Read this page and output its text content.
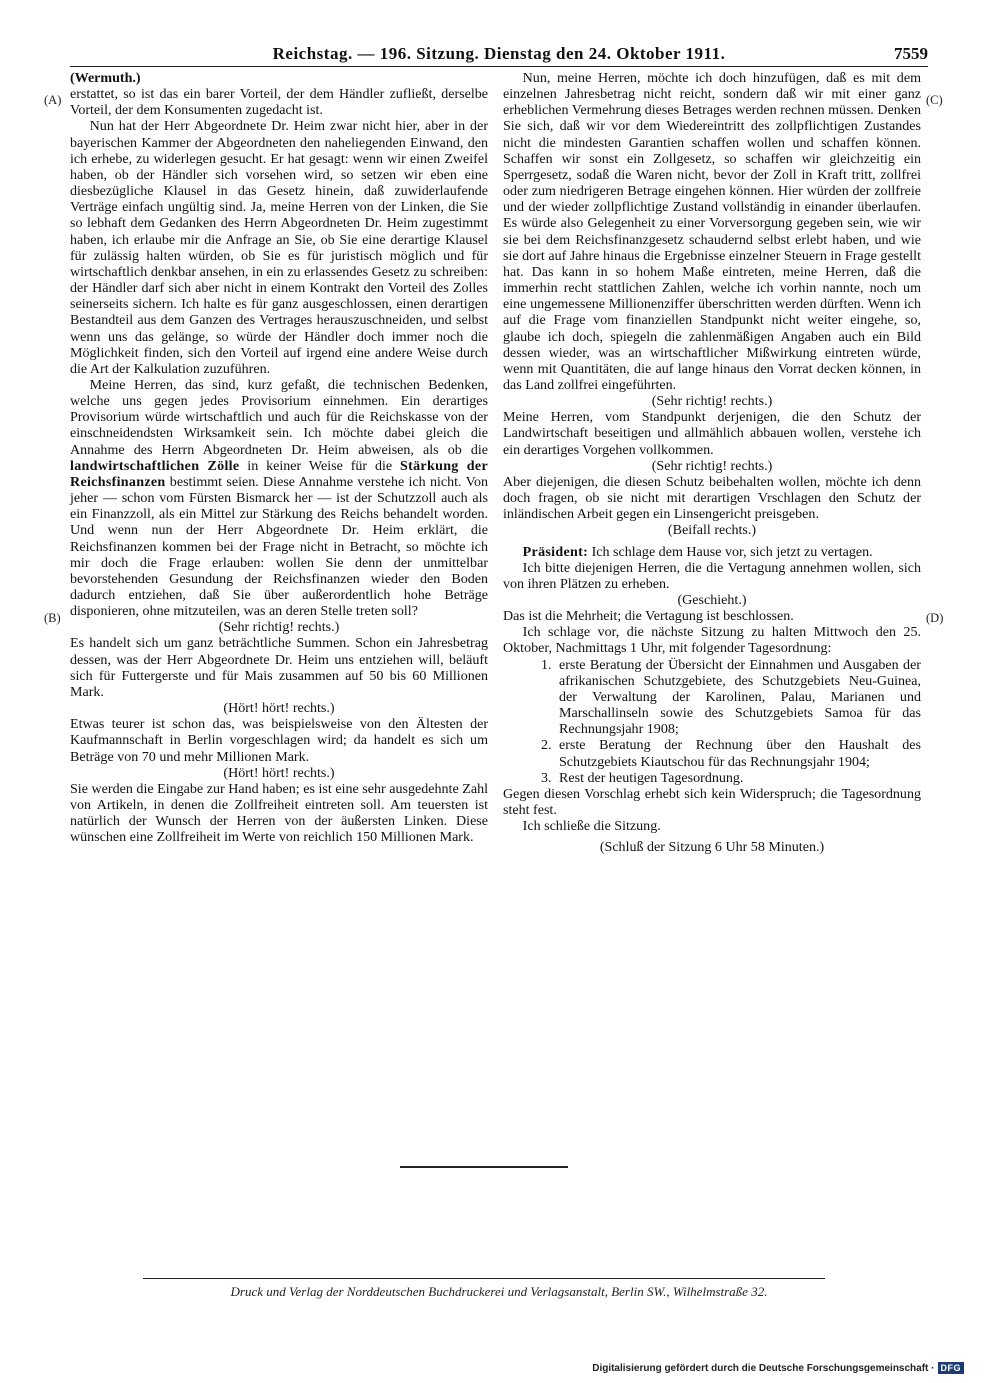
Reichstag. — 196. Sitzung. Dienstag den 24. Oktober 1911.	7559
(A)
(B)
(C)
(D)
(Wermuth.)

erstattet, so ist das ein barer Vorteil, der dem Händler zufließt, derselbe Vorteil, der dem Konsumenten zugedacht ist.

Nun hat der Herr Abgeordnete Dr. Heim zwar nicht hier, aber in der bayerischen Kammer der Abgeordneten den naheliegenden Einwand, den ich erhebe, zu widerlegen gesucht. Er hat gesagt: wenn wir einen Zweifel haben, ob der Händler sich vorsehen wird, so setzen wir eben eine diesbezügliche Klausel in das Gesetz hinein, daß zuwiderlaufende Verträge einfach ungültig sind. Ja, meine Herren von der Linken, die Sie so lebhaft dem Gedanken des Herrn Abgeordneten Dr. Heim zugestimmt haben, ich erlaube mir die Anfrage an Sie, ob Sie eine derartige Klausel für zulässig halten würden, ob Sie es für juristisch möglich und für wirtschaftlich denkbar ansehen, in ein zu erlassendes Gesetz zu schreiben: der Händler darf sich aber nicht in einem Kontrakt den Vorteil des Zolles seinerseits sichern. Ich halte es für ganz ausgeschlossen, einen derartigen Bestandteil aus dem Ganzen des Vertrages herauszuschneiden, und selbst wenn uns das gelänge, so würde der Händler doch immer noch die Möglichkeit finden, sich den Vorteil auf irgend eine andere Weise durch die Art der Kalkulation zuzuführen.

Meine Herren, das sind, kurz gefaßt, die technischen Bedenken, welche uns gegen jedes Provisorium einnehmen. Ein derartiges Provisorium würde wirtschaftlich und auch für die Reichskasse von der einschneidendsten Wirksamkeit sein. Ich möchte dabei gleich die Annahme des Herrn Abgeordneten Dr. Heim abweisen, als ob die landwirtschaftlichen Zölle in keiner Weise für die Stärkung der Reichsfinanzen bestimmt seien. Diese Annahme verstehe ich nicht. Von jeher — schon vom Fürsten Bismarck her — ist der Schutzzoll auch als ein Finanzzoll, als ein Mittel zur Stärkung des Reichs behandelt worden. Und wenn nun der Herr Abgeordnete Dr. Heim erklärt, die Reichsfinanzen kommen bei der Frage nicht in Betracht, so möchte ich mir doch die Frage erlauben: wollen Sie denn der unmittelbar bevorstehenden Gesundung der Reichsfinanzen wieder den Boden dadurch entziehen, daß Sie über außerordentlich hohe Beträge disponieren, ohne mitzuteilen, was an deren Stelle treten soll?

(Sehr richtig! rechts.)

Es handelt sich um ganz beträchtliche Summen. Schon ein Jahresbetrag dessen, was der Herr Abgeordnete Dr. Heim uns entziehen will, beläuft sich für Futtergerste und für Mais zusammen auf 50 bis 60 Millionen Mark.

(Hört! hört! rechts.)

Etwas teurer ist schon das, was beispielsweise von den Ältesten der Kaufmannschaft in Berlin vorgeschlagen wird; da handelt es sich um Beträge von 70 und mehr Millionen Mark.

(Hört! hört! rechts.)

Sie werden die Eingabe zur Hand haben; es ist eine sehr ausgedehnte Zahl von Artikeln, in denen die Zollfreiheit eintreten soll. Am teuersten ist natürlich der Wunsch der Herren von der äußersten Linken. Diese wünschen eine Zollfreiheit im Werte von reichlich 150 Millionen Mark.

Nun, meine Herren, möchte ich doch hinzufügen, daß es mit dem einzelnen Jahresbetrag nicht reicht, sondern daß wir mit einer ganz erheblichen Vermehrung dieses Betrages werden rechnen müssen. Denken Sie sich, daß wir vor dem Wiedereintritt des zollpflichtigen Zustandes nicht die mindesten Garantien schaffen wollen und schaffen können. Schaffen wir sonst ein Zollgesetz, so schaffen wir gleichzeitig ein Sperrgesetz, sodaß die Waren nicht, bevor der Zoll in Kraft tritt, zollfrei oder zum niedrigeren Betrage eingehen können. Hier würden der zollfreie und der wieder zollpflichtige Zustand vollständig in einander überlaufen. Es würde also Gelegenheit zu einer Vorversorgung gegeben sein, wie wir sie bei dem Reichsfinanzgesetz schaudernd selbst erlebt haben, und wie sie dort auf Jahre hinaus die Ergebnisse einzelner Steuern in Frage gestellt hat. Das kann in so hohem Maße eintreten, meine Herren, daß die immerhin recht stattlichen Zahlen, welche ich vorhin nannte, noch um eine ungemessene Millionenziffer überschritten werden dürften. Wenn ich auf die Frage vom finanziellen Standpunkt nicht weiter eingehe, so, glaube ich doch, spiegeln die zahlenmäßigen Angaben auch ein Bild dessen wieder, was an wirtschaftlicher Mißwirkung eintreten würde, wenn mit Quantitäten, die auf lange hinaus den Vorrat decken können, in das Land zollfrei eingeführten.

(Sehr richtig! rechts.)

Meine Herren, vom Standpunkt derjenigen, die den Schutz der Landwirtschaft beseitigen und allmählich abbauen wollen, verstehe ich ein derartiges Vorgehen vollkommen.

(Sehr richtig! rechts.)

Aber diejenigen, die diesen Schutz beibehalten wollen, möchte ich denn doch fragen, ob sie nicht mit derartigen Vrschlagen den Schutz der inländischen Arbeit gegen ein Linsengericht preisgeben.

(Beifall rechts.)

Präsident: Ich schlage dem Hause vor, sich jetzt zu vertagen.

Ich bitte diejenigen Herren, die die Vertagung annehmen wollen, sich von ihren Plätzen zu erheben.

(Geschieht.)

Das ist die Mehrheit; die Vertagung ist beschlossen.

Ich schlage vor, die nächste Sitzung zu halten Mittwoch den 25. Oktober, Nachmittags 1 Uhr, mit folgender Tagesordnung:

1. erste Beratung der Übersicht der Einnahmen und Ausgaben der afrikanischen Schutzgebiete, des Schutzgebiets Neu-Guinea, der Verwaltung der Karolinen, Palau, Marianen und Marschallinseln sowie des Schutzgebiets Samoa für das Rechnungsjahr 1908;
2. erste Beratung der Rechnung über den Haushalt des Schutzgebiets Kiautschou für das Rechnungsjahr 1904;
3. Rest der heutigen Tagesordnung.

Gegen diesen Vorschlag erhebt sich kein Widerspruch; die Tagesordnung steht fest.

Ich schließe die Sitzung.

(Schluß der Sitzung 6 Uhr 58 Minuten.)
Druck und Verlag der Norddeutschen Buchdruckerei und Verlagsanstalt, Berlin SW., Wilhelmstraße 32.
Digitalisierung gefördert durch die Deutsche Forschungsgemeinschaft · DFG
